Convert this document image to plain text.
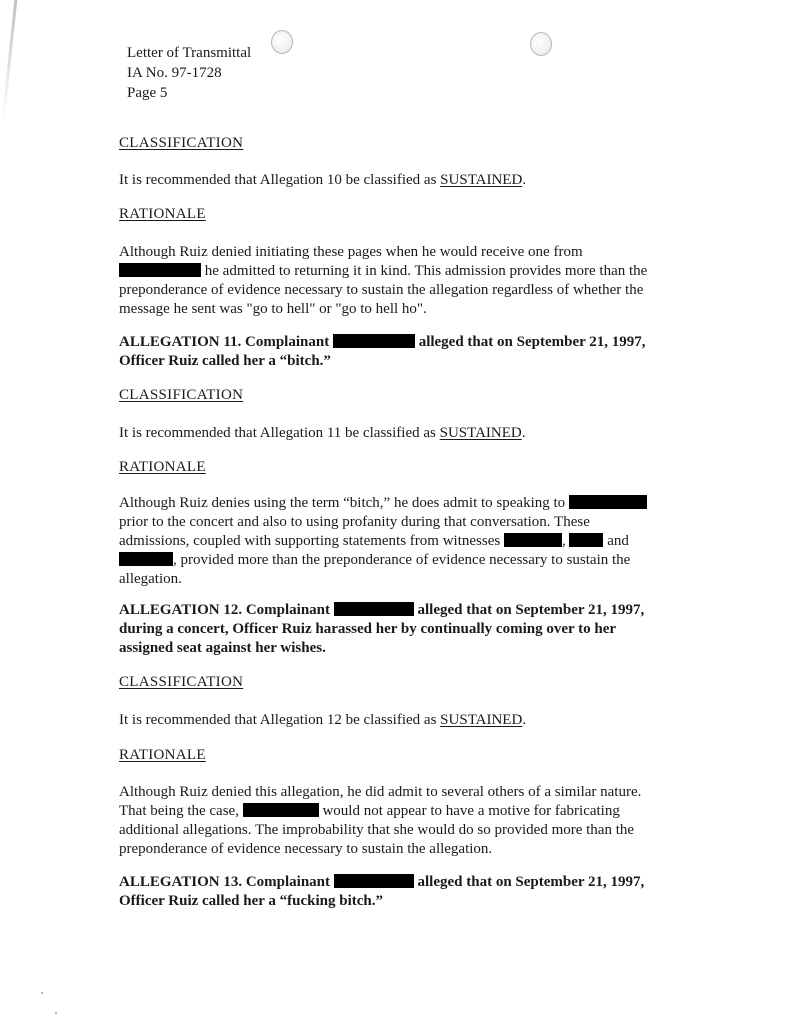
Letter of Transmittal
IA No. 97-1728
Page 5
CLASSIFICATION
It is recommended that Allegation 10 be classified as SUSTAINED.
RATIONALE
Although Ruiz denied initiating these pages when he would receive one from
he admitted to returning it in kind. This admission provides more than the
preponderance of evidence necessary to sustain the allegation regardless of whether the
message he sent was "go to hell" or "go to hell ho".
ALLEGATION 11. Complainant	alleged that on September 21, 1997,
Officer Ruiz called her a “bitch.”
CLASSIFICATION
It is recommended that Allegation 11 be classified as SUSTAINED.
RATIONALE
Although Ruiz denies using the term “bitch,” he does admit to speaking to
prior to the concert and also to using profanity during that conversation. These
admissions, coupled with supporting statements from witnesses	,  and
, provided more than the preponderance of evidence necessary to sustain the
allegation.
ALLEGATION 12. Complainant	alleged that on September 21, 1997,
during a concert, Officer Ruiz harassed her by continually coming over to her
assigned seat against her wishes.
CLASSIFICATION
It is recommended that Allegation 12 be classified as SUSTAINED.
RATIONALE
Although Ruiz denied this allegation, he did admit to several others of a similar nature.
That being the case,	would not appear to have a motive for fabricating
additional allegations. The improbability that she would do so provided more than the
preponderance of evidence necessary to sustain the allegation.
ALLEGATION 13. Complainant	alleged that on September 21, 1997,
Officer Ruiz called her a “fucking bitch.”
